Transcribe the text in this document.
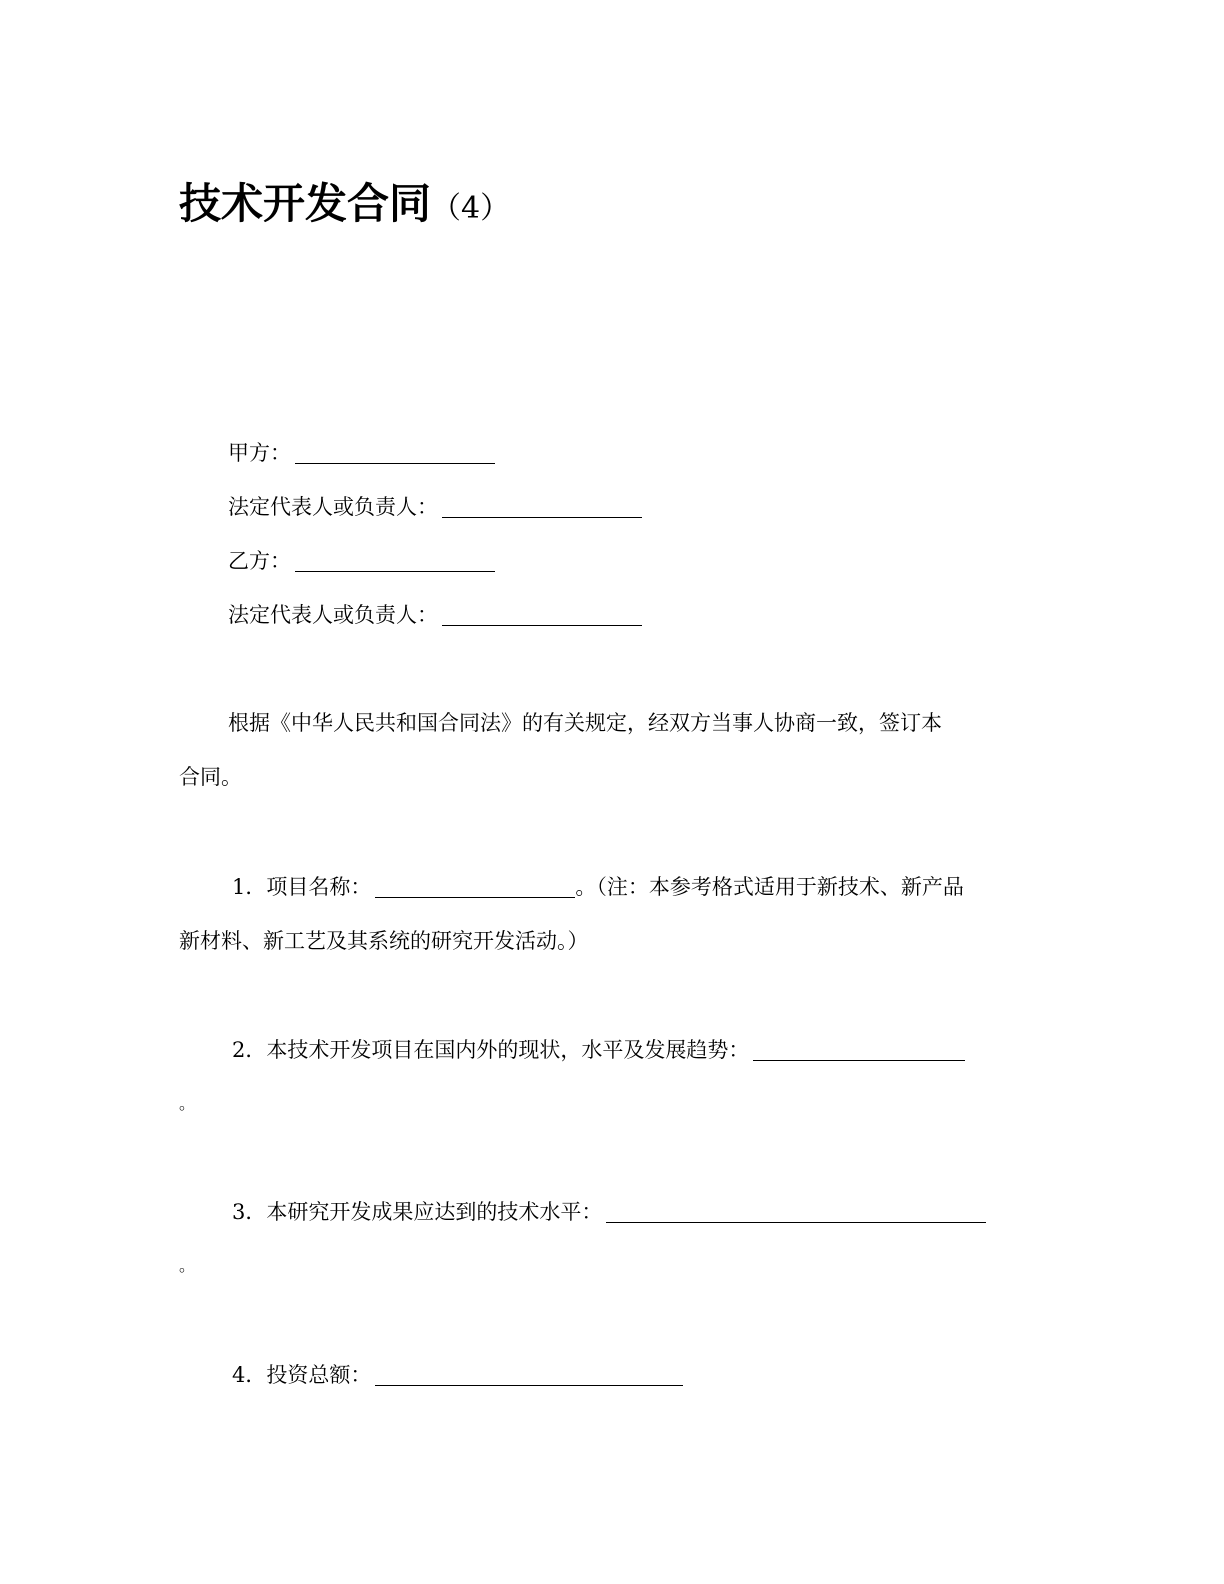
技术开发合同（4）
甲方：
法定代表人或负责人：
乙方：
法定代表人或负责人：
根据《中华人民共和国合同法》的有关规定，经双方当事人协商一致，签订本
合同。
1． 项目名称：	。（注：本参考格式适用于新技术、新产品
新材料、新工艺及其系统的研究开发活动。）
2． 本技术开发项目在国内外的现状，水平及发展趋势：
。
3． 本研究开发成果应达到的技术水平：
。
4． 投资总额：
